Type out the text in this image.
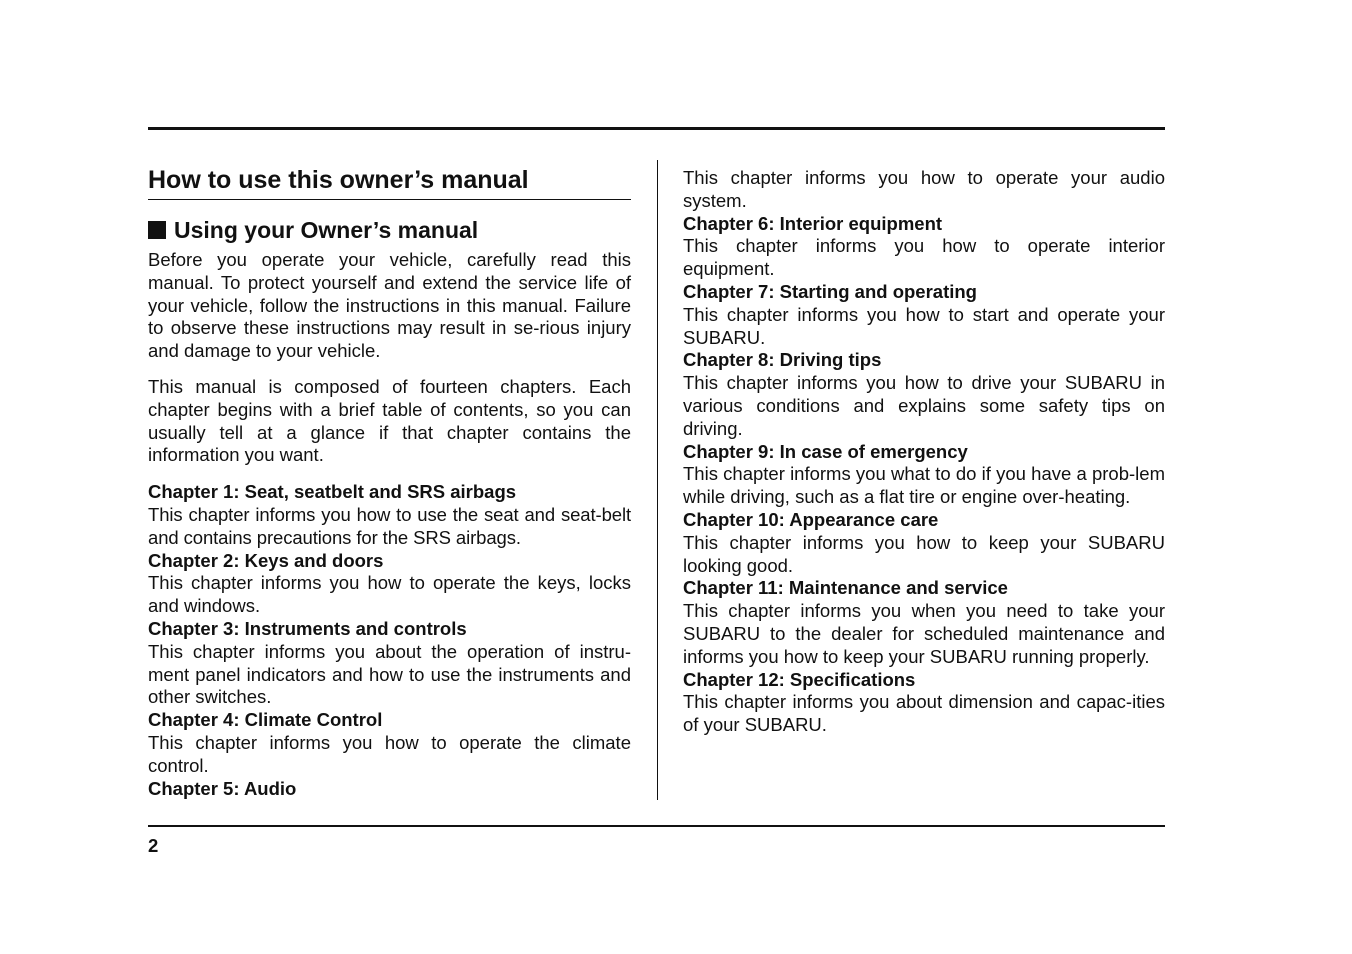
How to use this owner’s manual
Using your Owner’s manual

Before you operate your vehicle, carefully read this manual. To protect yourself and extend the service life of your vehicle, follow the instructions in this manual. Failure to observe these instructions may result in se-rious injury and damage to your vehicle.

This manual is composed of fourteen chapters. Each chapter begins with a brief table of contents, so you can usually tell at a glance if that chapter contains the information you want.

Chapter 1: Seat, seatbelt and SRS airbags

This chapter informs you how to use the seat and seat-belt and contains precautions for the SRS airbags.

Chapter 2: Keys and doors

This chapter informs you how to operate the keys, locks and windows.

Chapter 3: Instruments and controls

This chapter informs you about the operation of instru-ment panel indicators and how to use the instruments and other switches.

Chapter 4: Climate Control

This chapter informs you how to operate the climate control.

Chapter 5: Audio

This chapter informs you how to operate your audio system.

Chapter 6: Interior equipment

This chapter informs you how to operate interior equipment.

Chapter 7: Starting and operating

This chapter informs you how to start and operate your SUBARU.

Chapter 8: Driving tips

This chapter informs you how to drive your SUBARU in various conditions and explains some safety tips on driving.

Chapter 9: In case of emergency

This chapter informs you what to do if you have a prob-lem while driving, such as a flat tire or engine over-heating.

Chapter 10: Appearance care

This chapter informs you how to keep your SUBARU looking good.

Chapter 11: Maintenance and service

This chapter informs you when you need to take your SUBARU to the dealer for scheduled maintenance and informs you how to keep your SUBARU running properly.

Chapter 12: Specifications

This chapter informs you about dimension and capac-ities of your SUBARU.

2
